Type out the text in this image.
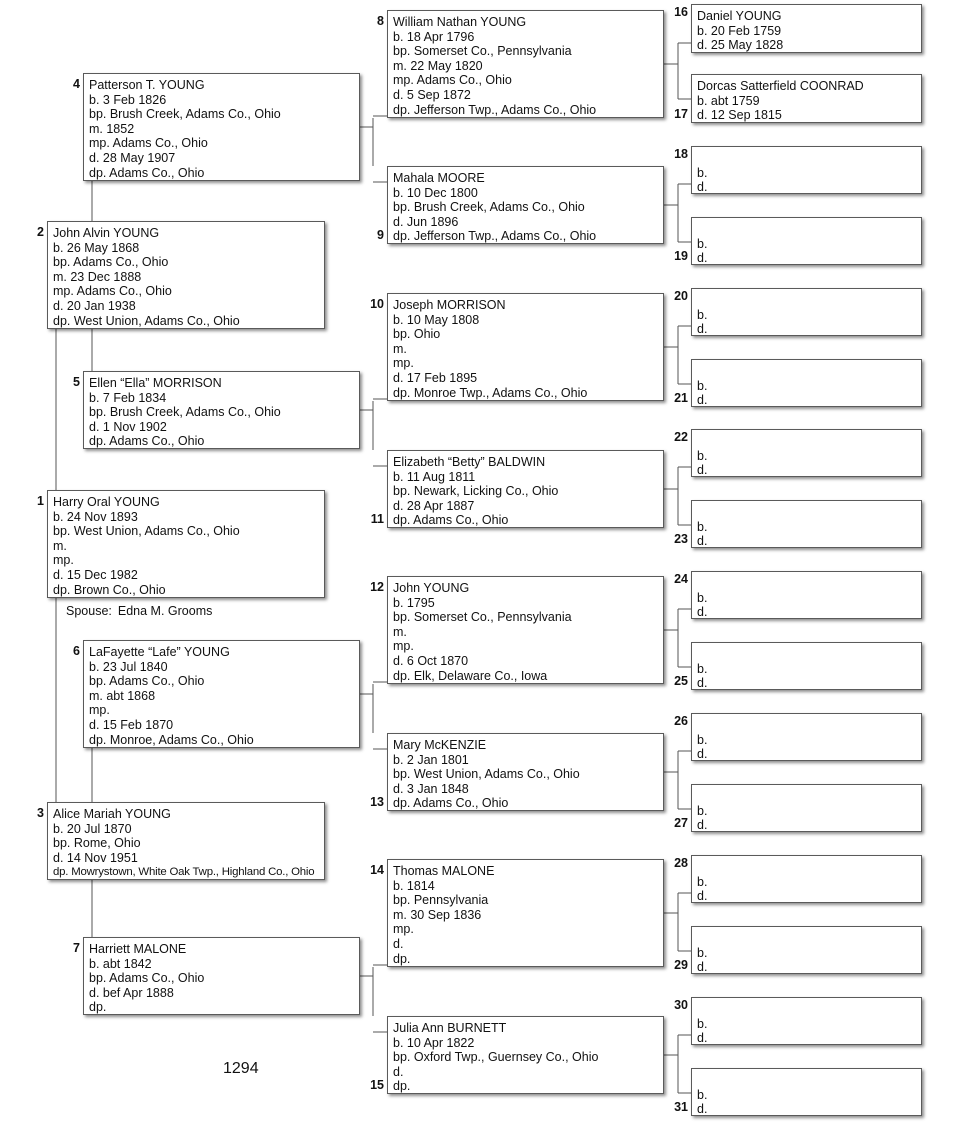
Harry Oral YOUNG
b. 24 Nov 1893
bp. West Union, Adams Co., Ohio
m.
mp.
d. 15 Dec 1982
dp. Brown Co., Ohio
1
John Alvin YOUNG
b. 26 May 1868
bp. Adams Co., Ohio
m. 23 Dec 1888
mp. Adams Co., Ohio
d. 20 Jan 1938
dp. West Union, Adams Co., Ohio
2
Alice Mariah YOUNG
b. 20 Jul 1870
bp. Rome, Ohio
d. 14 Nov 1951
dp. Mowrystown, White Oak Twp., Highland Co., Ohio
3
Patterson T. YOUNG
b. 3 Feb 1826
bp. Brush Creek, Adams Co., Ohio
m. 1852
mp. Adams Co., Ohio
d. 28 May 1907
dp. Adams Co., Ohio
4
Ellen “Ella” MORRISON
b. 7 Feb 1834
bp. Brush Creek, Adams Co., Ohio
d. 1 Nov 1902
dp. Adams Co., Ohio
5
LaFayette “Lafe” YOUNG
b. 23 Jul 1840
bp. Adams Co., Ohio
m. abt 1868
mp.
d. 15 Feb 1870
dp. Monroe, Adams Co., Ohio
6
Harriett MALONE
b. abt 1842
bp. Adams Co., Ohio
d. bef Apr 1888
dp.
7
William Nathan YOUNG
b. 18 Apr 1796
bp. Somerset Co., Pennsylvania
m. 22 May 1820
mp. Adams Co., Ohio
d. 5 Sep 1872
dp. Jefferson Twp., Adams Co., Ohio
8
Mahala MOORE
b. 10 Dec 1800
bp. Brush Creek, Adams Co., Ohio
d. Jun 1896
dp. Jefferson Twp., Adams Co., Ohio
9
Joseph MORRISON
b. 10 May 1808
bp. Ohio
m.
mp.
d. 17 Feb 1895
dp. Monroe Twp., Adams Co., Ohio
10
Elizabeth “Betty” BALDWIN
b. 11 Aug 1811
bp. Newark, Licking Co., Ohio
d. 28 Apr 1887
dp. Adams Co., Ohio
11
John YOUNG
b. 1795
bp. Somerset Co., Pennsylvania
m.
mp.
d. 6 Oct 1870
dp. Elk, Delaware Co., Iowa
12
Mary McKENZIE
b. 2 Jan 1801
bp. West Union, Adams Co., Ohio
d. 3 Jan 1848
dp. Adams Co., Ohio
13
Thomas MALONE
b. 1814
bp. Pennsylvania
m. 30 Sep 1836
mp.
d.
dp.
14
Julia Ann BURNETT
b. 10 Apr 1822
bp. Oxford Twp., Guernsey Co., Ohio
d.
dp.
15
Daniel YOUNG
b. 20 Feb 1759
d. 25 May 1828
16
Dorcas Satterfield COONRAD
b. abt 1759
d. 12 Sep 1815
17

b.
d.
18

b.
d.
19

b.
d.
20

b.
d.
21

b.
d.
22

b.
d.
23

b.
d.
24

b.
d.
25

b.
d.
26

b.
d.
27

b.
d.
28

b.
d.
29

b.
d.
30

b.
d.
31
Spouse: Edna M. Grooms
1294
